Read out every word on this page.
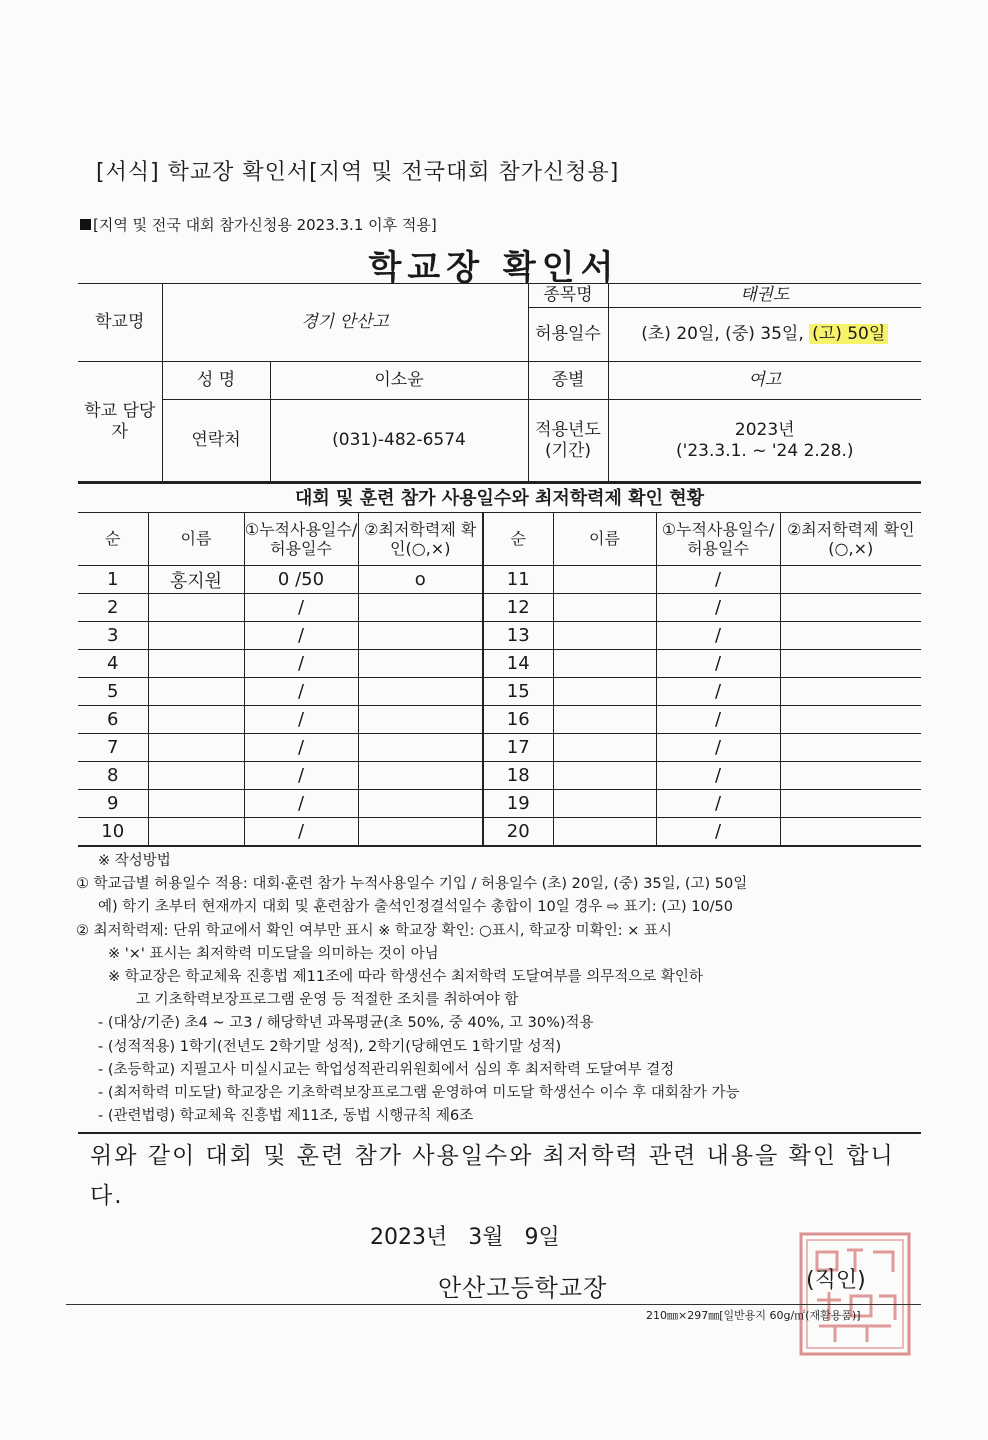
[서식] 학교장 확인서[지역 및 전국대회 참가신청용]
[지역 및 전국 대회 참가신청용 2023.3.1 이후 적용]
학교장 확인서
학교명	경기 안산고		종목명	태권도
			허용일수	(초) 20일, (중) 35일, (고) 50일
학교 담당자	성 명	이소윤	종별	여고
	연락처	(031)-482-6574	적용년도 (기간)	2023년
('23.3.1. ~ '24 2.28.)
대회 및 훈련 참가 사용일수와 최저학력제 확인 현황
순	이름	①누적사용일수/허용일수	②최저학력제 확인(○,×)	순	이름	①누적사용일수/허용일수	②최저학력제 확인(○,×)
1	홍지원	0 /50	o	11		/	
2		/		12		/	
3		/		13		/	
4		/		14		/	
5		/		15		/	
6		/		16		/	
7		/		17		/	
8		/		18		/	
9		/		19		/	
10		/		20		/	
※ 작성방법
① 학교급별 허용일수 적용: 대회·훈련 참가 누적사용일수 기입 / 허용일수 (초) 20일, (중) 35일, (고) 50일
예) 학기 초부터 현재까지 대회 및 훈련참가 출석인정결석일수 총합이 10일 경우 ⇨ 표기: (고) 10/50
② 최저학력제: 단위 학교에서 확인 여부만 표시 ※ 학교장 확인: ○표시, 학교장 미확인: × 표시
※ '×' 표시는 최저학력 미도달을 의미하는 것이 아님
※ 학교장은 학교체육 진흥법 제11조에 따라 학생선수 최저학력 도달여부를 의무적으로 확인하
고 기초학력보장프로그램 운영 등 적절한 조치를 취하여야 함
- (대상/기준) 초4 ~ 고3 / 해당학년 과목평균(초 50%, 중 40%, 고 30%)적용
- (성적적용) 1학기(전년도 2학기말 성적), 2학기(당해연도 1학기말 성적)
- (초등학교) 지필고사 미실시교는 학업성적관리위원회에서 심의 후 최저학력 도달여부 결정
- (최저학력 미도달) 학교장은 기초학력보장프로그램 운영하여 미도달 학생선수 이수 후 대회참가 가능
- (관련법령) 학교체육 진흥법 제11조, 동법 시행규칙 제6조
위와 같이 대회 및 훈련 참가 사용일수와 최저학력 관련 내용을 확인 합니다.
2023년   3월   9일
안산고등학교장	(직인)
210㎜×297㎜[일반용지 60g/㎡(재활용품)]
